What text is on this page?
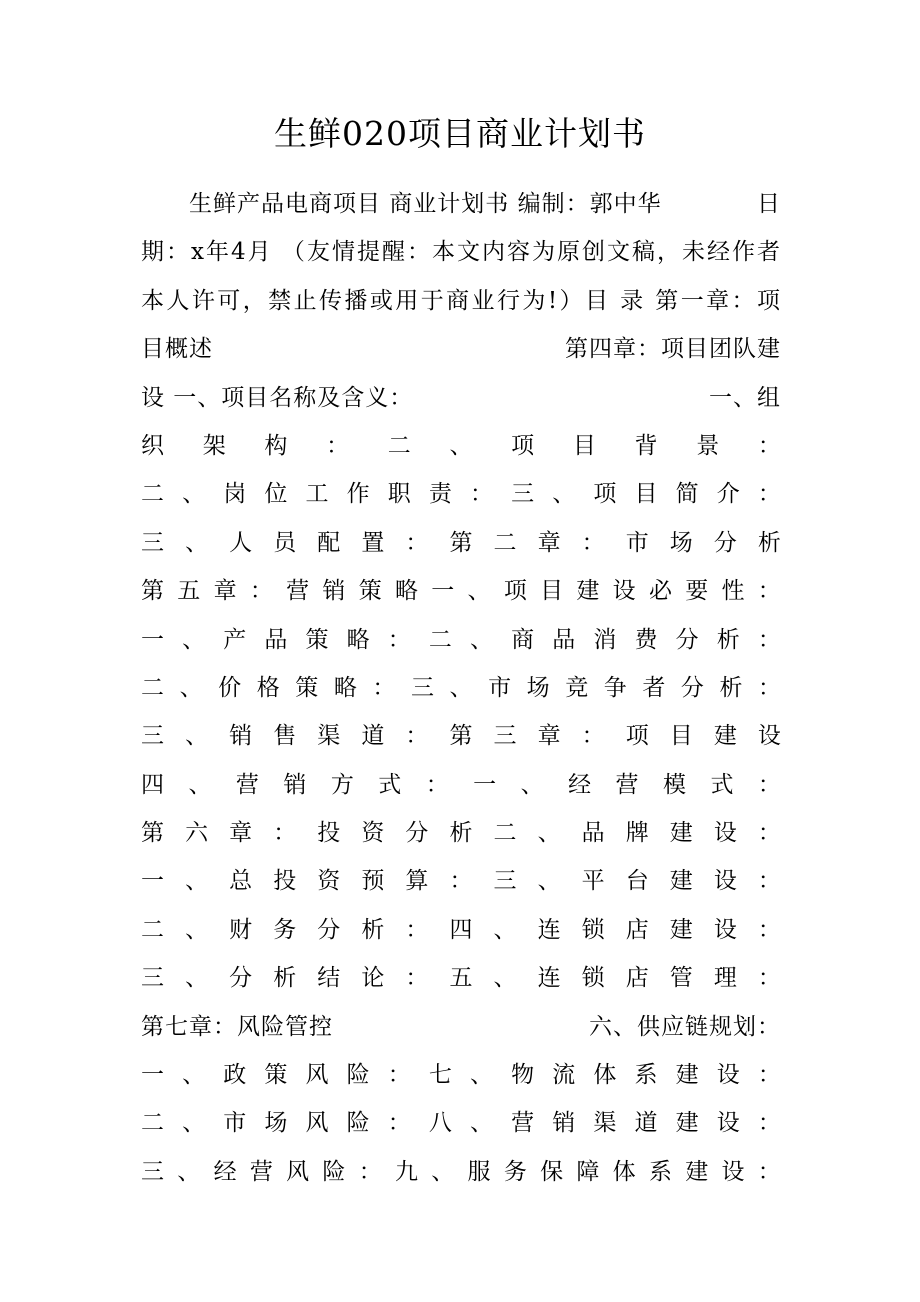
生鲜020项目商业计划书
生鲜产品电商项目 商业计划书 编制：郭中华	日
期：x年4月 （友情提醒：本文内容为原创文稿，未经作者
本人许可，禁止传播或用于商业行为!）目 录 第一章：项
目概述	第四章：项目团队建
设 一、项目名称及含义：	一、组
织 架 构 ： 二 、 项 目 背 景 ：
二 、 岗 位 工 作 职 责 ： 三 、 项 目 简 介 ：
三 、 人 员 配 置 ： 第 二 章 ： 市 场 分 析
第 五 章 ： 营 销 策 略 一 、 项 目 建 设 必 要 性 ：
一 、 产 品 策 略 ： 二 、 商 品 消 费 分 析 ：
二 、 价 格 策 略 ： 三 、 市 场 竞 争 者 分 析 ：
三 、 销 售 渠 道 ： 第 三 章 ： 项 目 建 设
四 、 营 销 方 式 ： 一 、 经 营 模 式 ：
第 六 章 ： 投 资 分 析 二 、 品 牌 建 设 ：
一 、 总 投 资 预 算 ： 三 、 平 台 建 设 ：
二 、 财 务 分 析 ： 四 、 连 锁 店 建 设 ：
三 、 分 析 结 论 ： 五 、 连 锁 店 管 理 ：
第七章：风险管控	六、供应链规划：
一 、 政 策 风 险 ： 七 、 物 流 体 系 建 设 ：
二 、 市 场 风 险 ： 八 、 营 销 渠 道 建 设 ：
三 、 经 营 风 险 ： 九 、 服 务 保 障 体 系 建 设 ：
